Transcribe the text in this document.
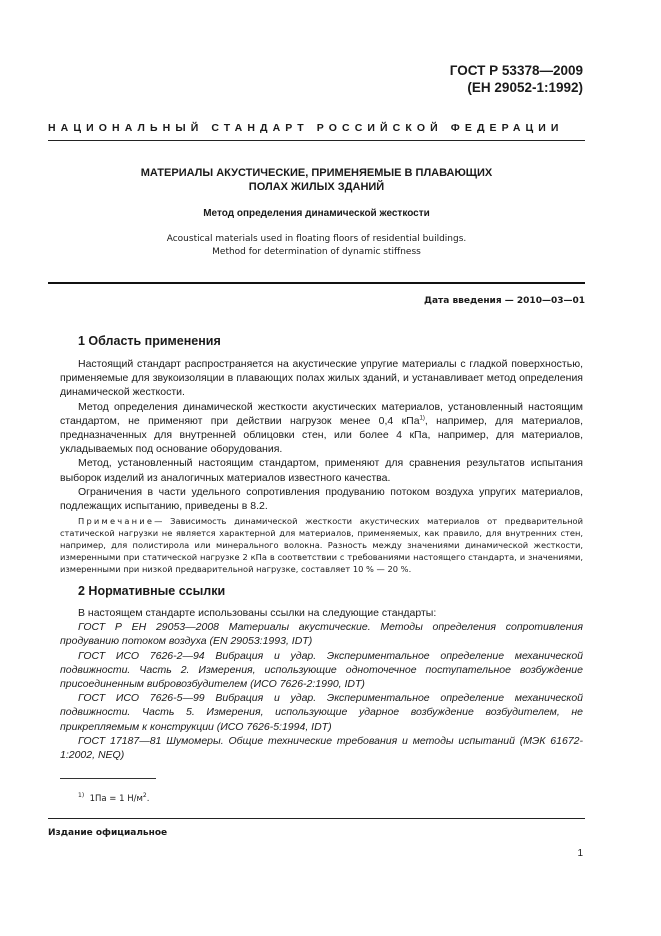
ГОСТ Р 53378—2009
(ЕН 29052-1:1992)
НАЦИОНАЛЬНЫЙ СТАНДАРТ РОССИЙСКОЙ ФЕДЕРАЦИИ
МАТЕРИАЛЫ АКУСТИЧЕСКИЕ, ПРИМЕНЯЕМЫЕ В ПЛАВАЮЩИХ
ПОЛАХ ЖИЛЫХ ЗДАНИЙ
Метод определения динамической жесткости
Acoustical materials used in floating floors of residential buildings.
Method for determination of dynamic stiffness
Дата введения — 2010—03—01
1 Область применения

Настоящий стандарт распространяется на акустические упругие материалы с гладкой поверхностью, применяемые для звукоизоляции в плавающих полах жилых зданий, и устанавливает метод определения динамической жесткости.

Метод определения динамической жесткости акустических материалов, установленный настоящим стандартом, не применяют при действии нагрузок менее 0,4 кПа$^{1)}$, например, для материалов, предназначенных для внутренней облицовки стен, или более 4 кПа, например, для материалов, укладываемых под основание оборудования.

Метод, установленный настоящим стандартом, применяют для сравнения результатов испытания выборок изделий из аналогичных материалов известного качества.

Ограничения в части удельного сопротивления продуванию потоком воздуха упругих материалов, подлежащих испытанию, приведены в 8.2.

Примечание— Зависимость динамической жесткости акустических материалов от предварительной статической нагрузки не является характерной для материалов, применяемых, как правило, для внутренних стен, например, для полистирола или минерального волокна. Разность между значениями динамической жесткости, измеренными при статической нагрузке 2 кПа в соответствии с требованиями настоящего стандарта, и значениями, измеренными при низкой предварительной нагрузке, составляет 10 % — 20 %.
2 Нормативные ссылки

В настоящем стандарте использованы ссылки на следующие стандарты:

ГОСТ Р ЕН 29053—2008 Материалы акустические. Методы определения сопротивления продуванию потоком воздуха (EN 29053:1993, IDT)

ГОСТ ИСО 7626-2—94 Вибрация и удар. Экспериментальное определение механической подвижности. Часть 2. Измерения, использующие одноточечное поступательное возбуждение присоединенным вибровозбудителем (ИСО 7626-2:1990, IDT)

ГОСТ ИСО 7626-5—99 Вибрация и удар. Экспериментальное определение механической подвижности. Часть 5. Измерения, использующие ударное возбуждение возбудителем, не прикрепляемым к конструкции (ИСО 7626-5:1994, IDT)

ГОСТ 17187—81 Шумомеры. Общие технические требования и методы испытаний (МЭК 61672-1:2002, NEQ)

$^{1)}$ 1Па = 1 $Н/м^2$.
Издание официальное
1
